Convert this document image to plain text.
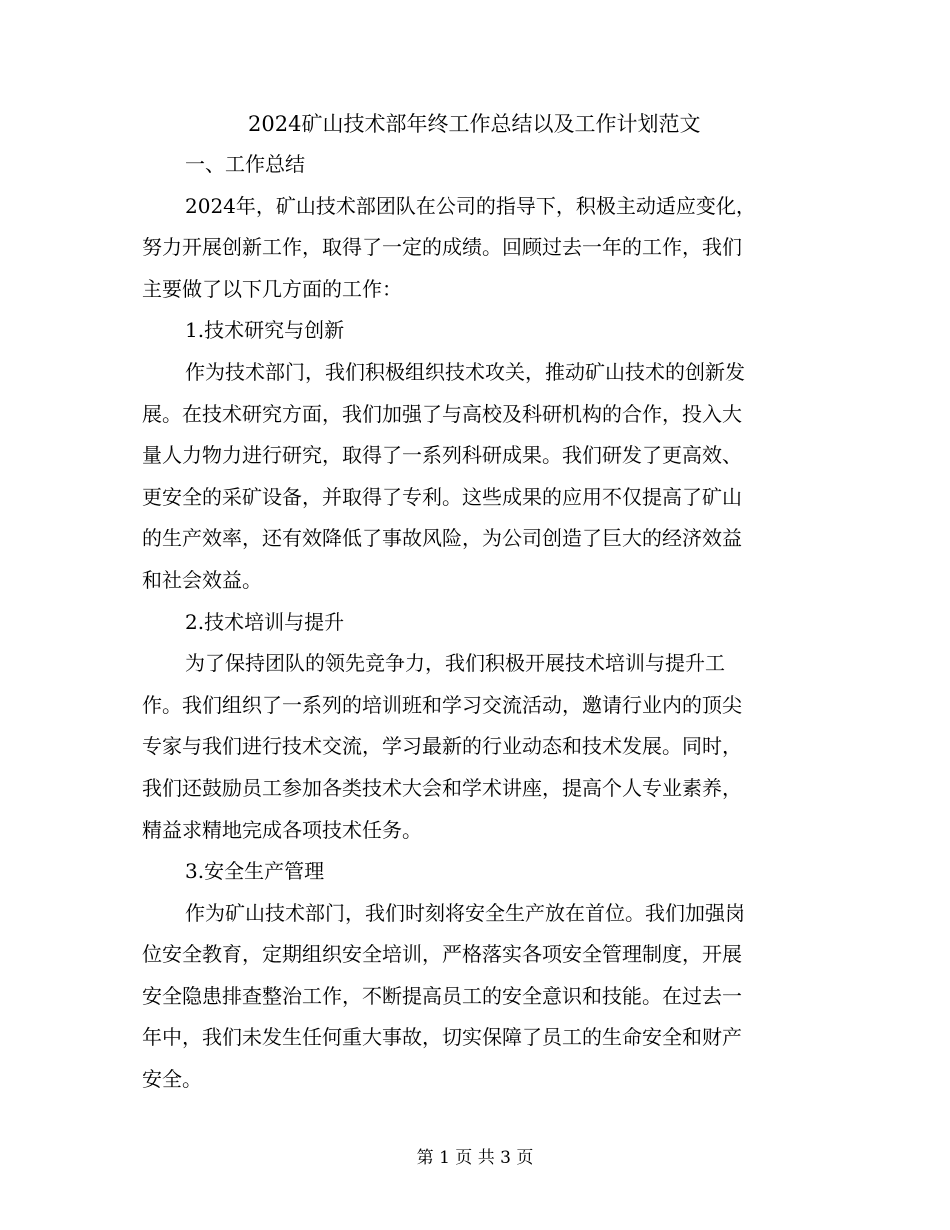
2024矿山技术部年终工作总结以及工作计划范文

一、工作总结

2024年，矿山技术部团队在公司的指导下，积极主动适应变化，

努力开展创新工作，取得了一定的成绩。回顾过去一年的工作，我们

主要做了以下几方面的工作：

1.技术研究与创新

作为技术部门，我们积极组织技术攻关，推动矿山技术的创新发

展。在技术研究方面，我们加强了与高校及科研机构的合作，投入大

量人力物力进行研究，取得了一系列科研成果。我们研发了更高效、

更安全的采矿设备，并取得了专利。这些成果的应用不仅提高了矿山

的生产效率，还有效降低了事故风险，为公司创造了巨大的经济效益

和社会效益。

2.技术培训与提升

为了保持团队的领先竞争力，我们积极开展技术培训与提升工

作。我们组织了一系列的培训班和学习交流活动，邀请行业内的顶尖

专家与我们进行技术交流，学习最新的行业动态和技术发展。同时，

我们还鼓励员工参加各类技术大会和学术讲座，提高个人专业素养，

精益求精地完成各项技术任务。

3.安全生产管理

作为矿山技术部门，我们时刻将安全生产放在首位。我们加强岗

位安全教育，定期组织安全培训，严格落实各项安全管理制度，开展

安全隐患排查整治工作，不断提高员工的安全意识和技能。在过去一

年中，我们未发生任何重大事故，切实保障了员工的生命安全和财产

安全。

第 1 页 共 3 页
